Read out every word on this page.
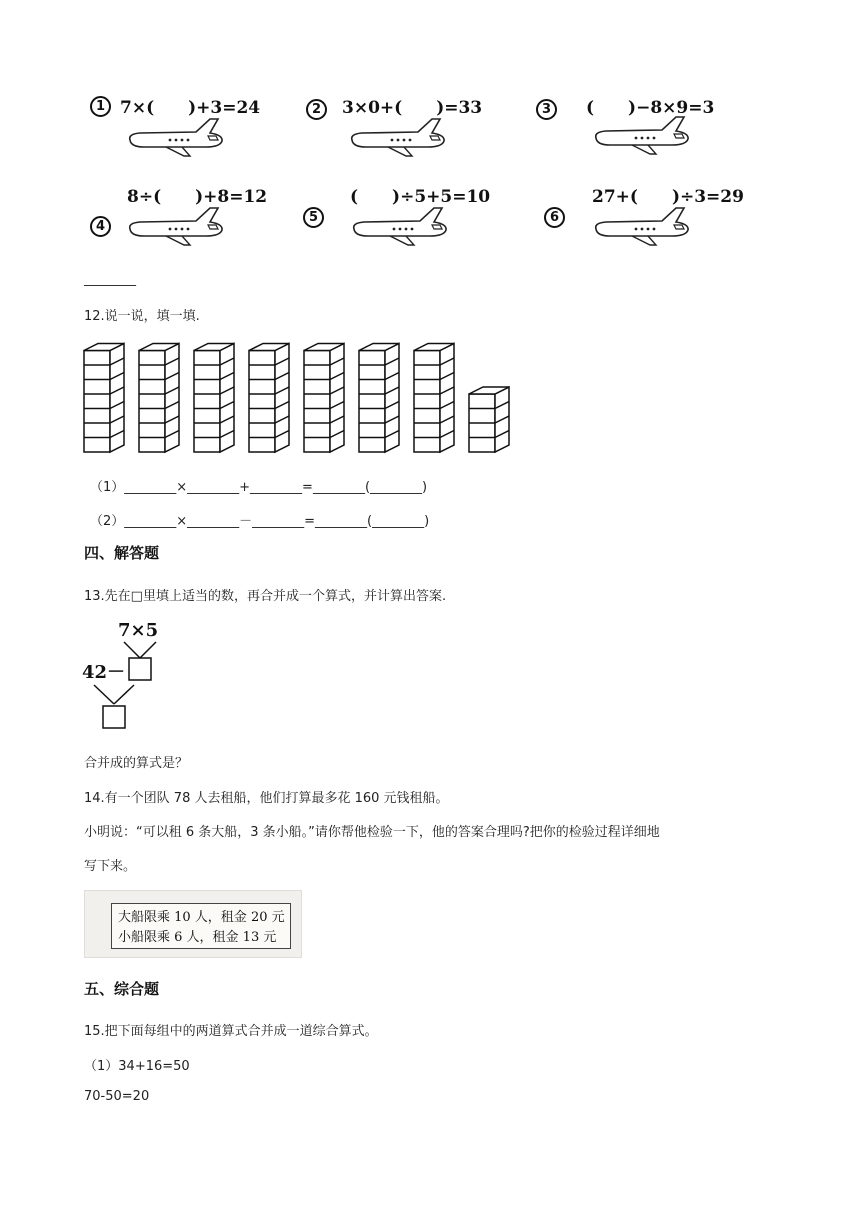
1 7×(　　)+3=24	2	3×0+(　　)=33	3	(　　)−8×9=3
4
8÷(　　)+8=12
5
(　　)÷5+5=10
6
27+(　　)÷3=29
________
12.说一说，填一填.
（1）________×________+________=________(________)
（2）________×________－________=________(________)
四、解答题
13.先在□里填上适当的数，再合并成一个算式，并计算出答案.
7×5
42－
合并成的算式是？
14.有一个团队 78 人去租船，他们打算最多花 160 元钱租船。
小明说：“可以租 6 条大船，3 条小船。”请你帮他检验一下，他的答案合理吗?把你的检验过程详细地
写下来。
大船限乘 10 人，租金 20 元
小船限乘 6 人，租金 13 元
五、综合题
15.把下面每组中的两道算式合并成一道综合算式。
（1）34+16=50
70-50=20
